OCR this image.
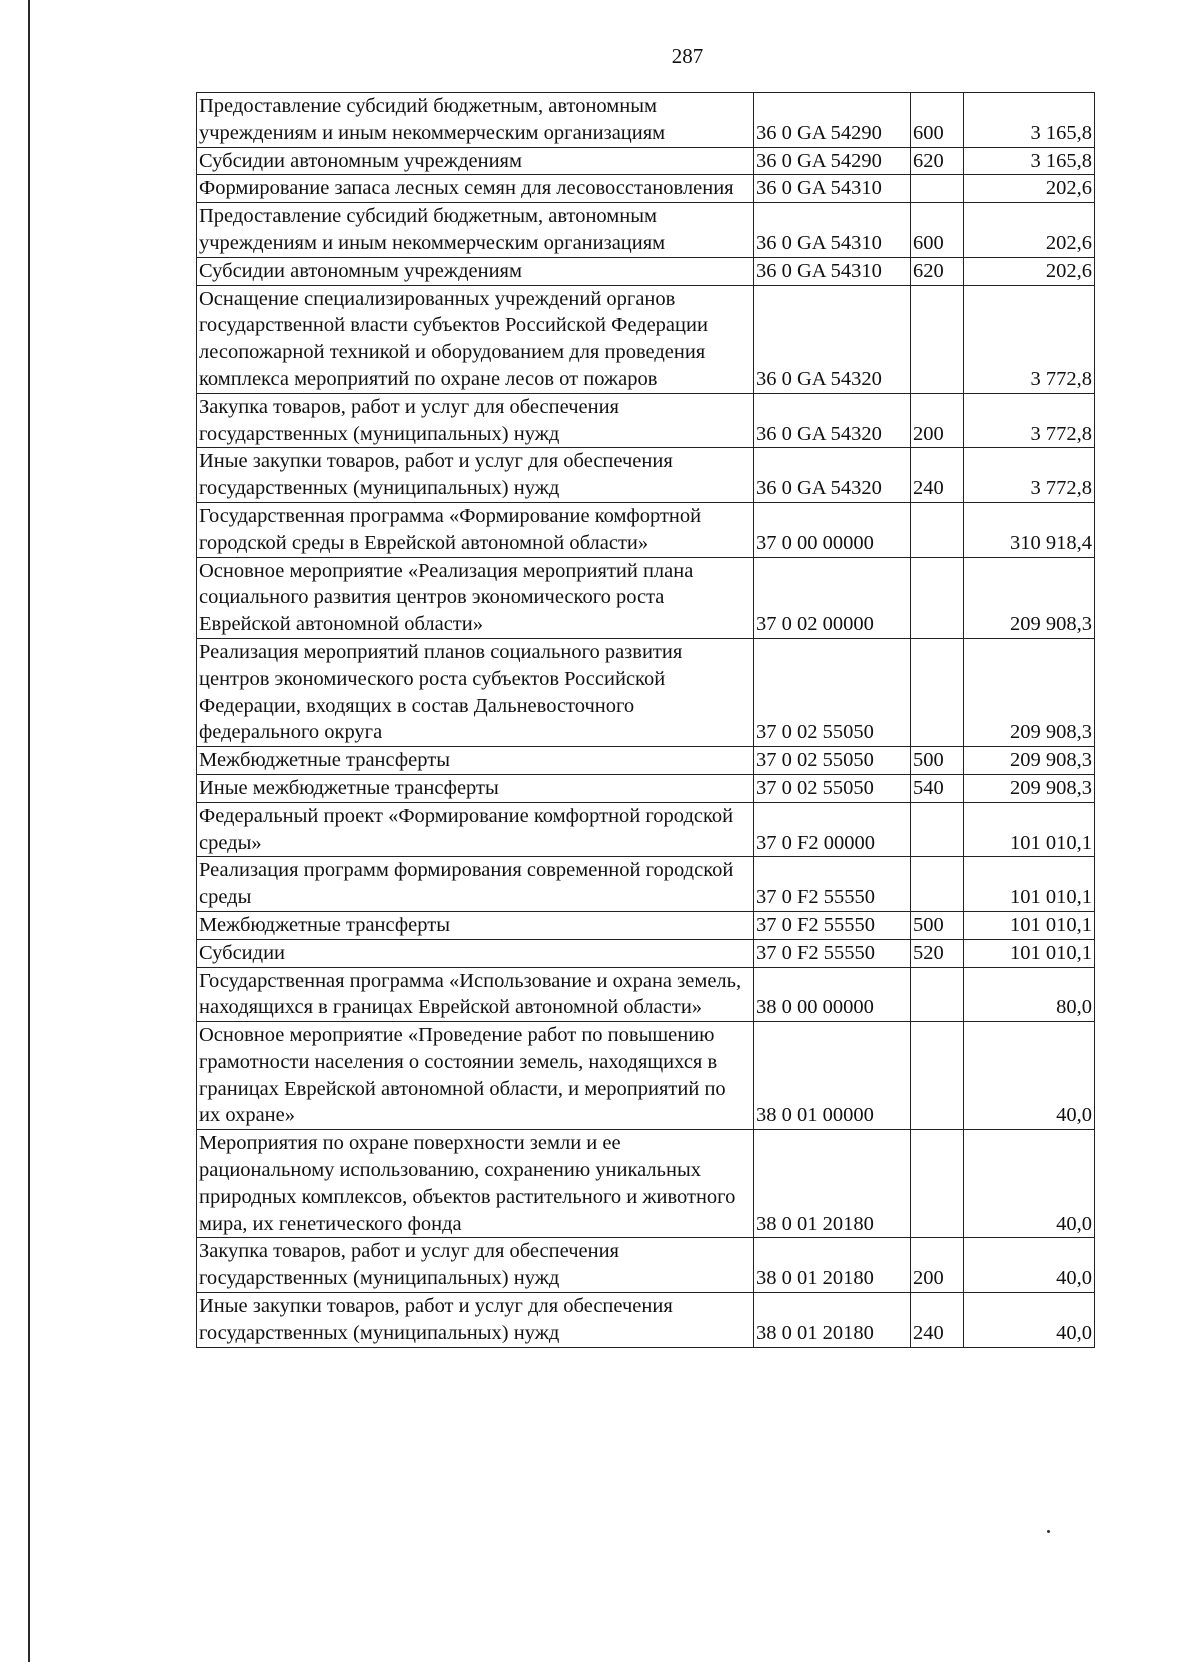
287
Предоставление субсидий бюджетным, автономным учреждениям и иным некоммерческим организациям	36 0 GA 54290	600	3 165,8
Субсидии автономным учреждениям	36 0 GA 54290	620	3 165,8
Формирование запаса лесных семян для лесовосстановления	36 0 GA 54310		202,6
Предоставление субсидий бюджетным, автономным учреждениям и иным некоммерческим организациям	36 0 GA 54310	600	202,6
Субсидии автономным учреждениям	36 0 GA 54310	620	202,6
Оснащение специализированных учреждений органов государственной власти субъектов Российской Федерации лесопожарной техникой и оборудованием для проведения комплекса мероприятий по охране лесов от пожаров	36 0 GA 54320		3 772,8
Закупка товаров, работ и услуг для обеспечения государственных (муниципальных) нужд	36 0 GA 54320	200	3 772,8
Иные закупки товаров, работ и услуг для обеспечения государственных (муниципальных) нужд	36 0 GA 54320	240	3 772,8
Государственная программа «Формирование комфортной городской среды в Еврейской автономной области»	37 0 00 00000		310 918,4
Основное мероприятие «Реализация мероприятий плана социального развития центров экономического роста Еврейской автономной области»	37 0 02 00000		209 908,3
Реализация мероприятий планов социального развития центров экономического роста субъектов Российской Федерации, входящих в состав Дальневосточного федерального округа	37 0 02 55050		209 908,3
Межбюджетные трансферты	37 0 02 55050	500	209 908,3
Иные межбюджетные трансферты	37 0 02 55050	540	209 908,3
Федеральный проект «Формирование комфортной городской среды»	37 0 F2 00000		101 010,1
Реализация программ формирования современной городской среды	37 0 F2 55550		101 010,1
Межбюджетные трансферты	37 0 F2 55550	500	101 010,1
Субсидии	37 0 F2 55550	520	101 010,1
Государственная программа «Использование и охрана земель, находящихся в границах Еврейской автономной области»	38 0 00 00000		80,0
Основное мероприятие «Проведение работ по повышению грамотности населения о состоянии земель, находящихся в границах Еврейской автономной области, и мероприятий по их охране»	38 0 01 00000		40,0
Мероприятия по охране поверхности земли и ее рациональному использованию, сохранению уникальных природных комплексов, объектов растительного и животного мира, их генетического фонда	38 0 01 20180		40,0
Закупка товаров, работ и услуг для обеспечения государственных (муниципальных) нужд	38 0 01 20180	200	40,0
Иные закупки товаров, работ и услуг для обеспечения государственных (муниципальных) нужд	38 0 01 20180	240	40,0
